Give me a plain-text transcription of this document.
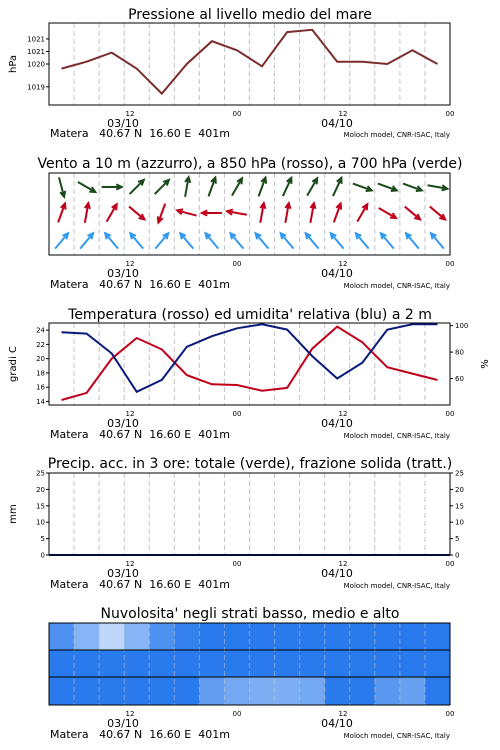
Pressione al livello medio del mare
1019
1020
1021
1021
hPa
12	00	12	00
03/10	04/10
Matera   40.67 N  16.60 E  401m	Moloch model, CNR-ISAC, Italy
Vento a 10 m (azzurro), a 850 hPa (rosso), a 700 hPa (verde)
12	00	12	00
03/10	04/10
Matera   40.67 N  16.60 E  401m	Moloch model, CNR-ISAC, Italy
Temperatura (rosso) ed umidita' relativa (blu) a 2 m
14
16
18
20
22
24
60
80
100
gradi C	%
12	00	12	00
03/10	04/10
Matera   40.67 N  16.60 E  401m	Moloch model, CNR-ISAC, Italy
Precip. acc. in 3 ore: totale (verde), frazione solida (tratt.)
0
5
10
15
20
25
0
5
10
15
20
25
mm
12	00	12	00
03/10	04/10
Matera   40.67 N  16.60 E  401m	Moloch model, CNR-ISAC, Italy
Nuvolosita' negli strati basso, medio e alto
12	00	12	00
03/10	04/10
Matera   40.67 N  16.60 E  401m	Moloch model, CNR-ISAC, Italy
